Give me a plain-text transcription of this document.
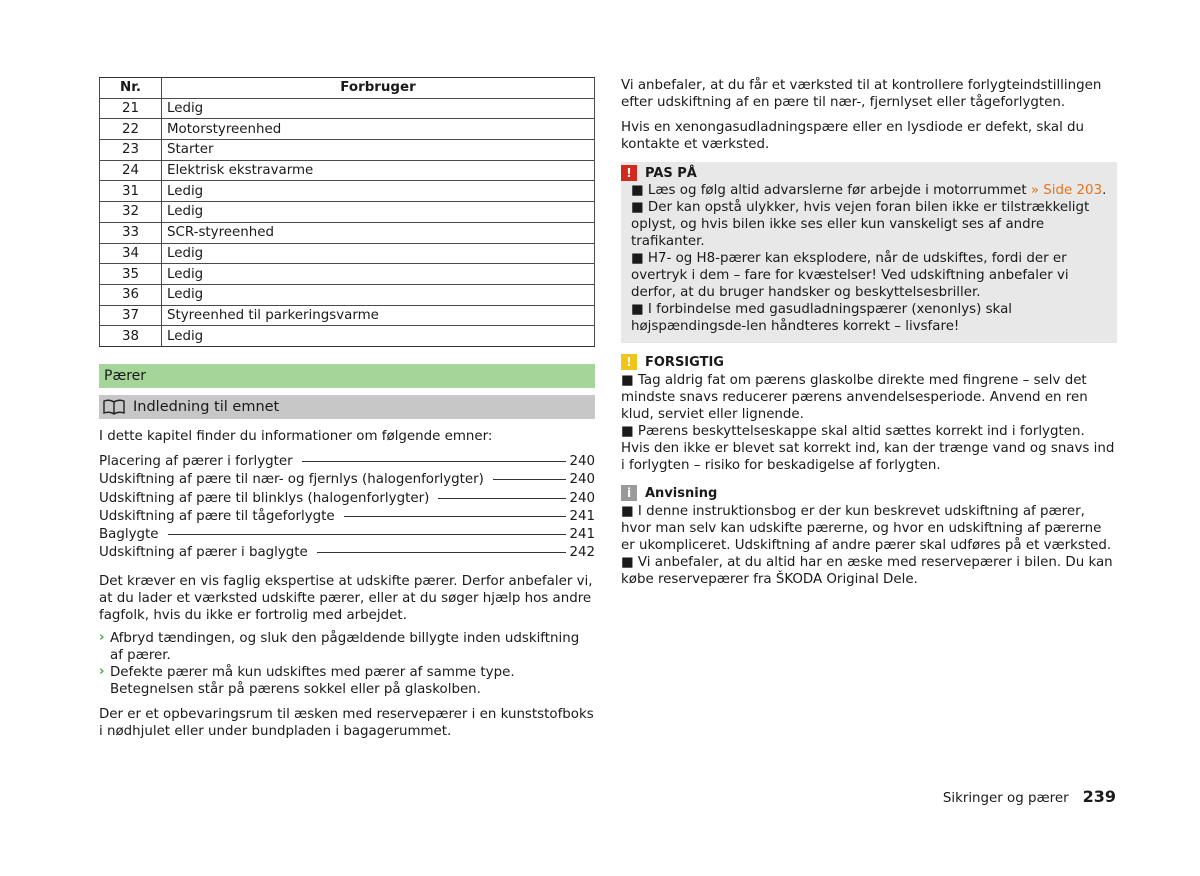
Nr.	Forbruger
21	Ledig
22	Motorstyreenhed
23	Starter
24	Elektrisk ekstravarme
31	Ledig
32	Ledig
33	SCR-styreenhed
34	Ledig
35	Ledig
36	Ledig
37	Styreenhed til parkeringsvarme
38	Ledig
Pærer
Indledning til emnet

I dette kapitel finder du informationer om følgende emner:

Placering af pærer i forlygter	240
Udskiftning af pære til nær- og fjernlys (halogenforlygter)	240
Udskiftning af pære til blinklys (halogenforlygter)	240
Udskiftning af pære til tågeforlygte	241
Baglygte	241
Udskiftning af pærer i baglygte	242

Det kræver en vis faglig ekspertise at udskifte pærer. Derfor anbefaler vi, at du lader et værksted udskifte pærer, eller at du søger hjælp hos andre fagfolk, hvis du ikke er fortrolig med arbejdet.

› Afbryd tændingen, og sluk den pågældende billygte inden udskiftning af pærer.

› Defekte pærer må kun udskiftes med pærer af samme type. Betegnelsen står på pærens sokkel eller på glaskolben.

Der er et opbevaringsrum til æsken med reservepærer i en kunststofboks i nødhjulet eller under bundpladen i bagagerummet.

Vi anbefaler, at du får et værksted til at kontrollere forlygteindstillingen efter udskiftning af en pære til nær-, fjernlyset eller tågeforlygten.

Hvis en xenongasudladningspære eller en lysdiode er defekt, skal du kontakte et værksted.

!	PAS PÅ

■ Læs og følg altid advarslerne før arbejde i motorrummet » Side 203.

■ Der kan opstå ulykker, hvis vejen foran bilen ikke er tilstrækkeligt oplyst, og hvis bilen ikke ses eller kun vanskeligt ses af andre trafikanter.

■ H7- og H8-pærer kan eksplodere, når de udskiftes, fordi der er overtryk i dem – fare for kvæstelser! Ved udskiftning anbefaler vi derfor, at du bruger handsker og beskyttelsesbriller.

■ I forbindelse med gasudladningspærer (xenonlys) skal højspændingsde-len håndteres korrekt – livsfare!

!	FORSIGTIG

■ Tag aldrig fat om pærens glaskolbe direkte med fingrene – selv det mindste snavs reducerer pærens anvendelsesperiode. Anvend en ren klud, serviet eller lignende.

■ Pærens beskyttelseskappe skal altid sættes korrekt ind i forlygten. Hvis den ikke er blevet sat korrekt ind, kan der trænge vand og snavs ind i forlygten – risiko for beskadigelse af forlygten.

i	Anvisning

■ I denne instruktionsbog er der kun beskrevet udskiftning af pærer, hvor man selv kan udskifte pærerne, og hvor en udskiftning af pærerne er ukompliceret. Udskiftning af andre pærer skal udføres på et værksted.

■ Vi anbefaler, at du altid har en æske med reservepærer i bilen. Du kan købe reservepærer fra ŠKODA Original Dele.

Sikringer og pærer 239
